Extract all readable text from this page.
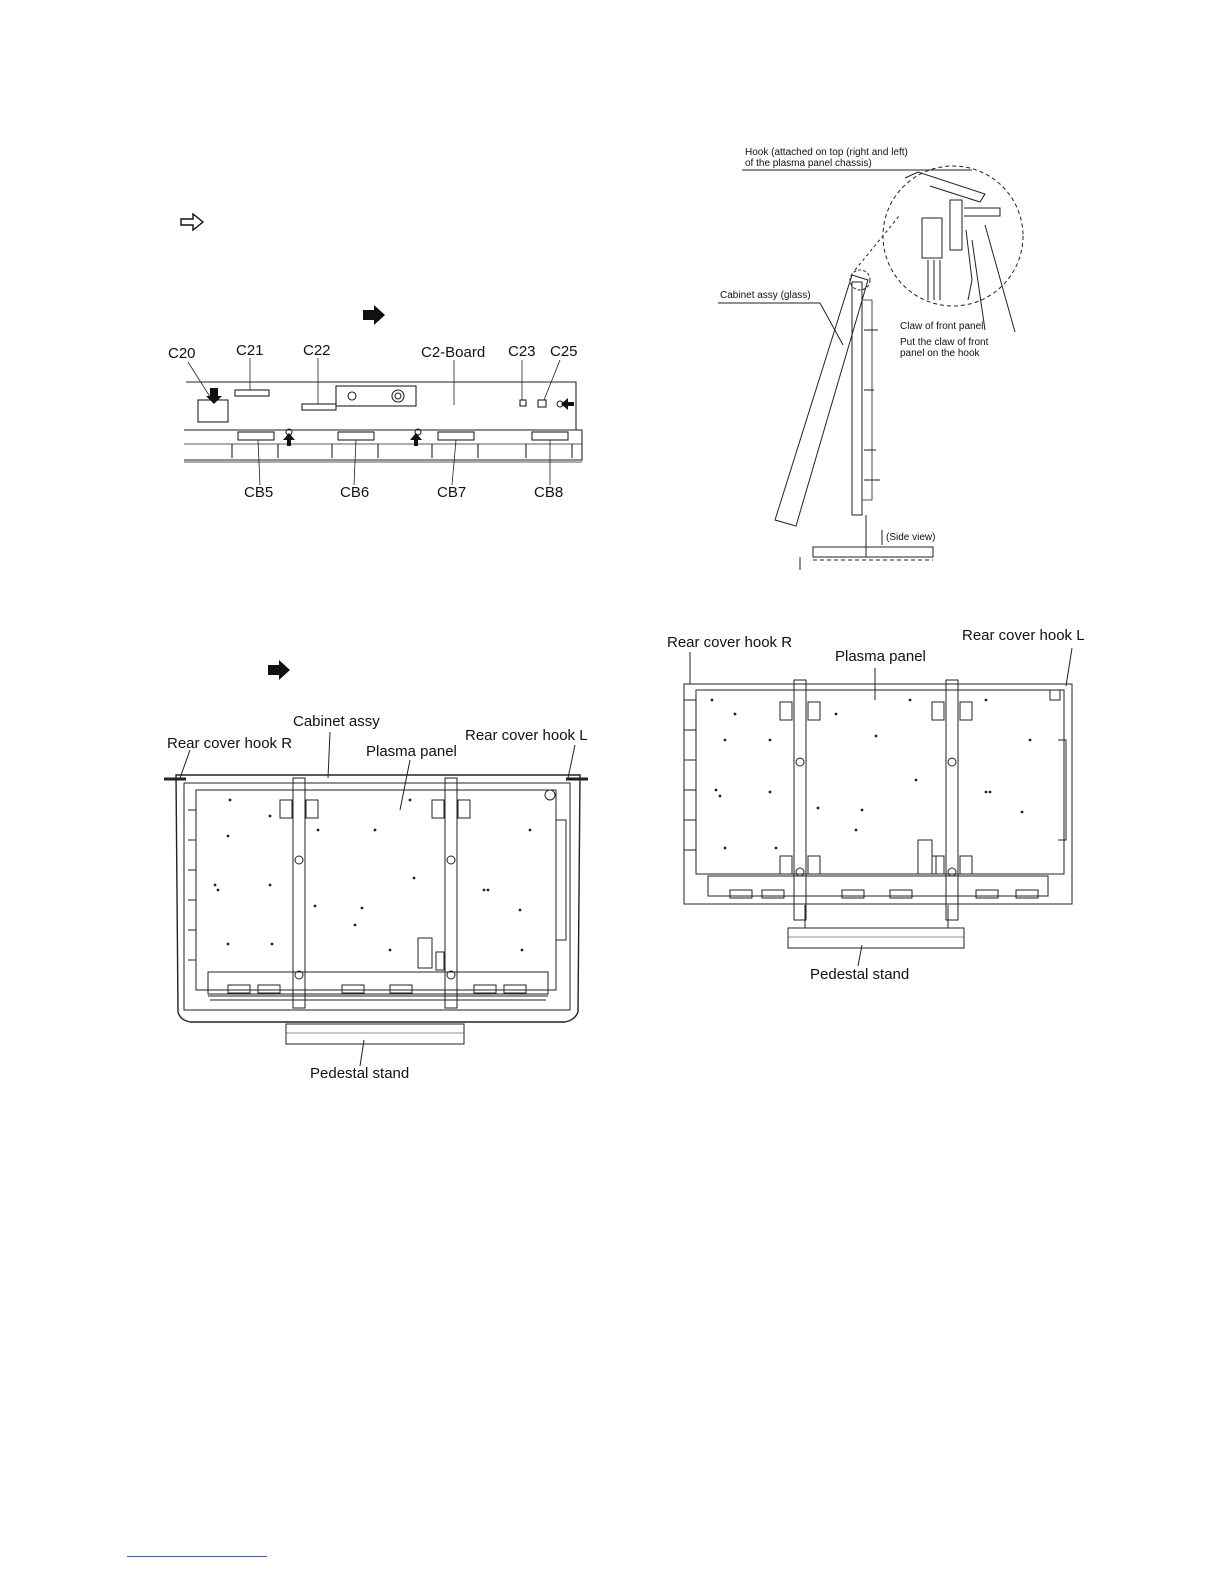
C20	C21	C22	C2-Board C23 C25
CB5	CB6	CB7	CB8
Hook (attached on top (right and left)
of the plasma panel chassis)
Cabinet assy (glass)
Claw of front panel
Put the claw of front
panel on the hook
(Side view)
Cabinet assy
Rear cover hook R	Plasma panel
Rear cover hook L
Pedestal stand
Rear cover hook R
Plasma panel
Rear cover hook L
Pedestal stand
